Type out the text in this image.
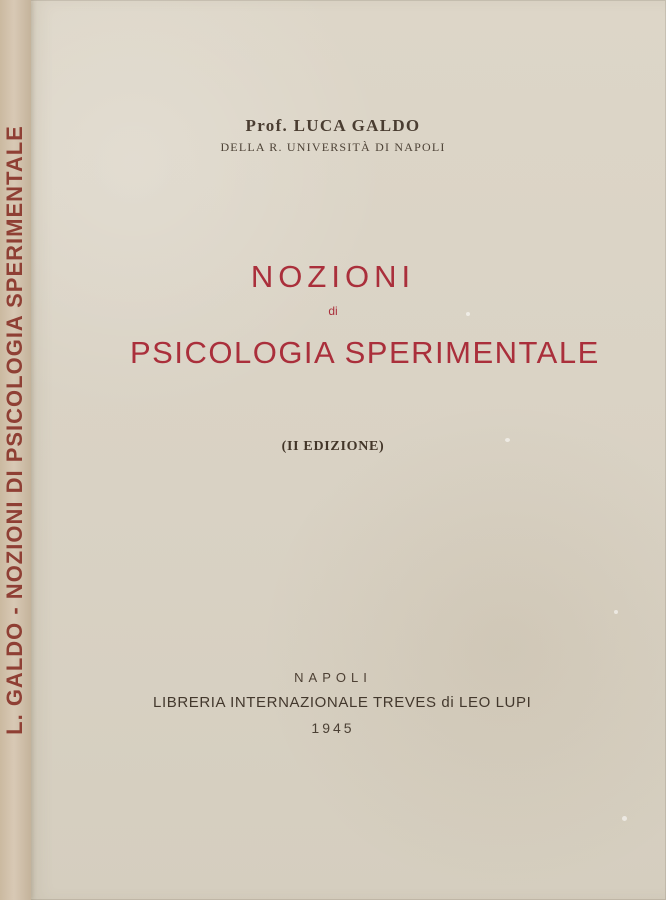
L. GALDO - NOZIONI DI PSICOLOGIA SPERIMENTALE	Prof. LUCA GALDO
DELLA R. UNIVERSITÀ DI NAPOLI
NOZIONI
di
PSICOLOGIA SPERIMENTALE
(II EDIZIONE)
NAPOLI
LIBRERIA INTERNAZIONALE TREVES di LEO LUPI
1945
